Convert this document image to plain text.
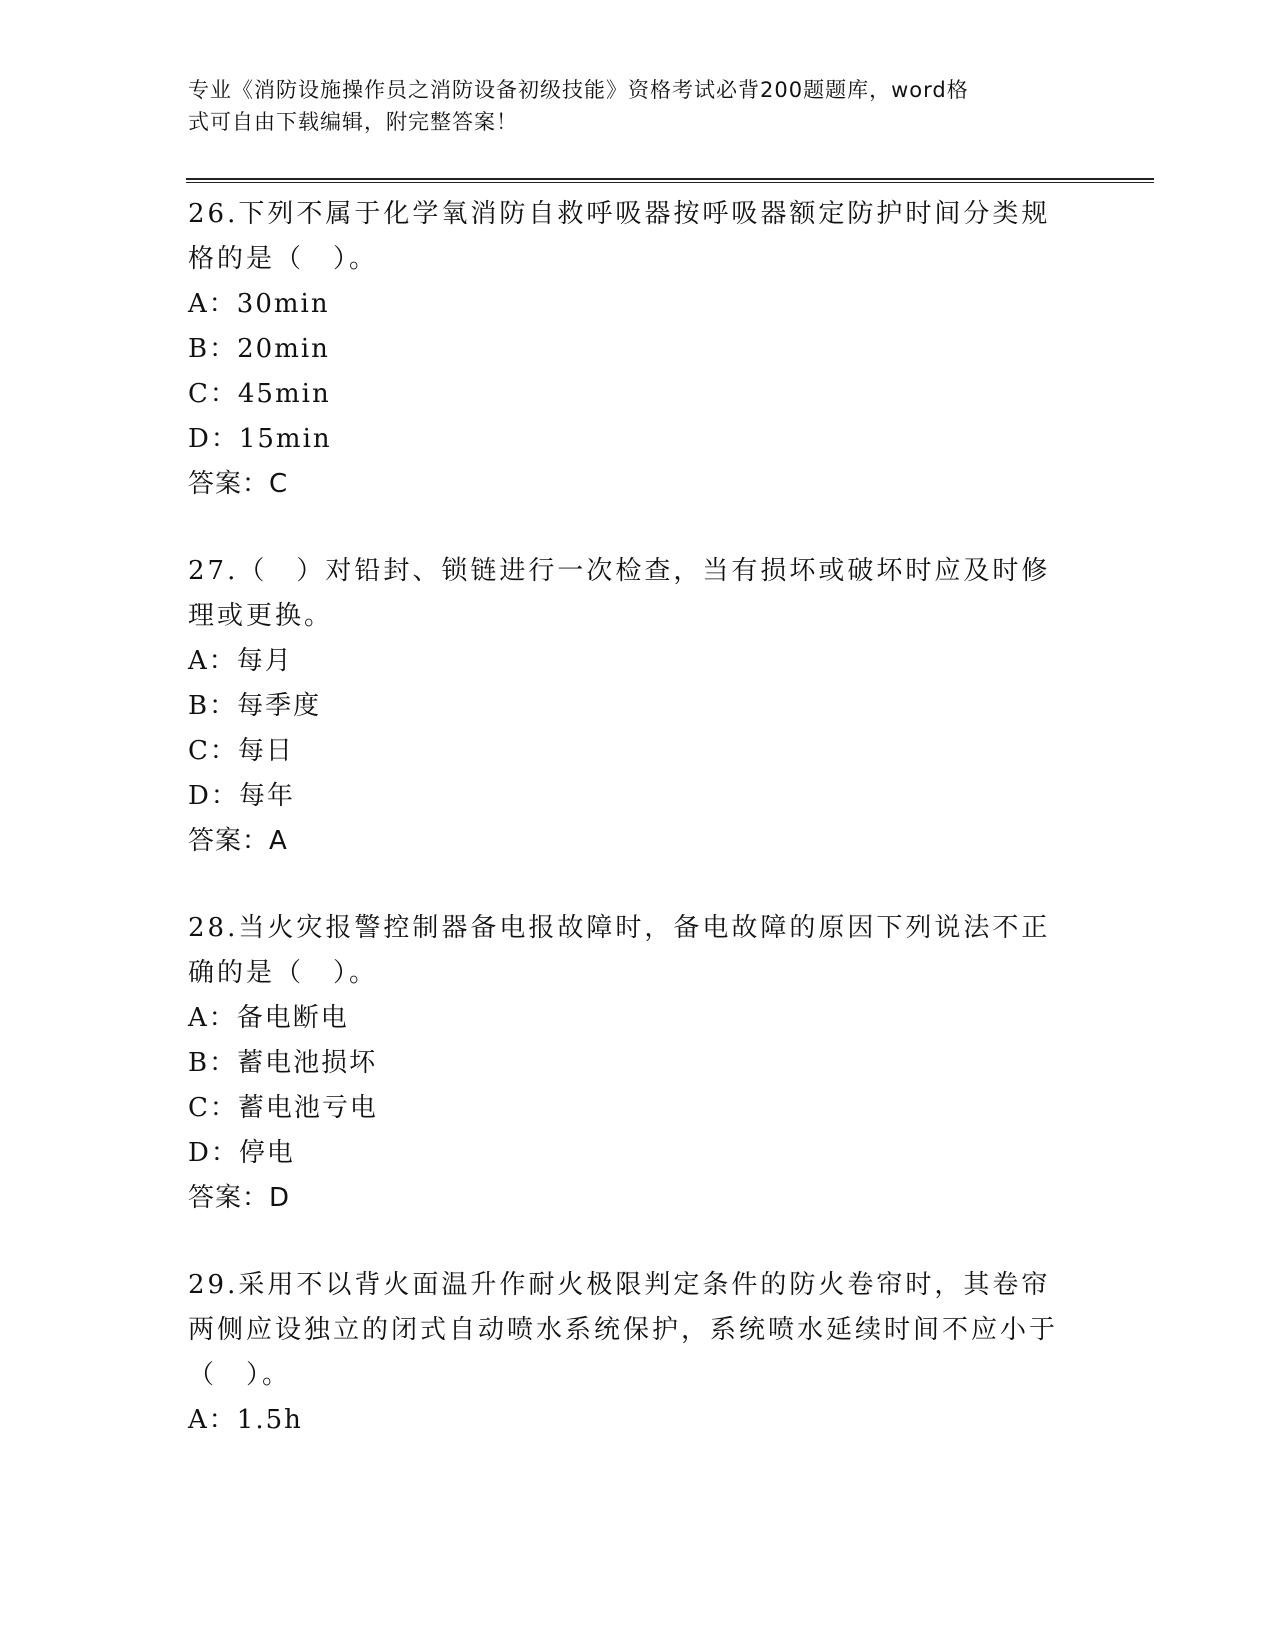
专业《消防设施操作员之消防设备初级技能》资格考试必背200题题库，word格
式可自由下载编辑，附完整答案！
26.下列不属于化学氧消防自救呼吸器按呼吸器额定防护时间分类规格的是（　）。
A：30min
B：20min
C：45min
D：15min
答案：C
27.（　）对铅封、锁链进行一次检查，当有损坏或破坏时应及时修理或更换。
A：每月
B：每季度
C：每日
D：每年
答案：A
28.当火灾报警控制器备电报故障时，备电故障的原因下列说法不正确的是（　）。
A：备电断电
B：蓄电池损坏
C：蓄电池亏电
D：停电
答案：D
29.采用不以背火面温升作耐火极限判定条件的防火卷帘时，其卷帘两侧应设独立的闭式自动喷水系统保护，系统喷水延续时间不应小于（　）。
A：1.5h
